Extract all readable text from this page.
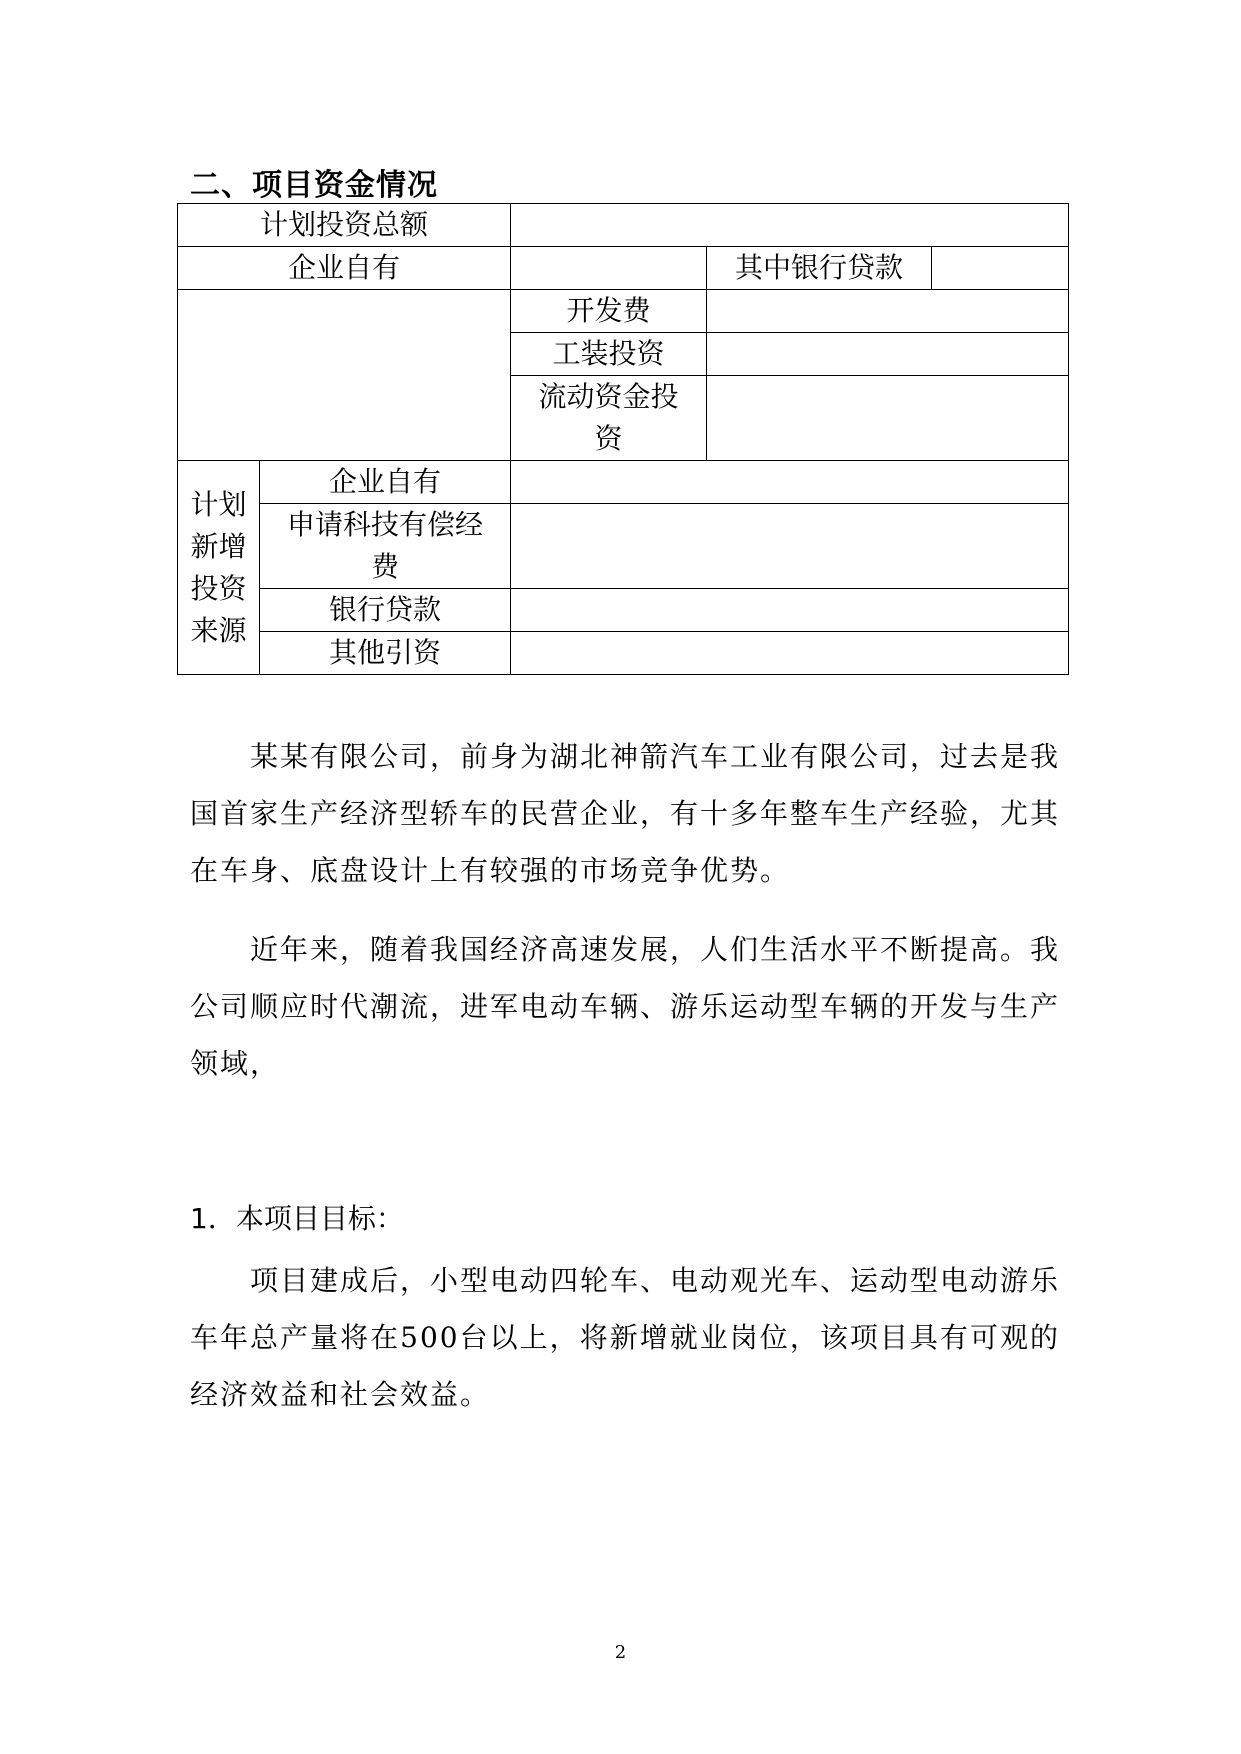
二、项目资金情况
计划投资总额				
企业自有			其中银行贷款	
		开发费		
		工装投资		
		流动资金投资		
计划新增投资来源	企业自有			
	申请科技有偿经费			
	银行贷款			
	其他引资			
某某有限公司，前身为湖北神箭汽车工业有限公司，过去是我国首家生产经济型轿车的民营企业，有十多年整车生产经验，尤其在车身、底盘设计上有较强的市场竞争优势。
近年来，随着我国经济高速发展，人们生活水平不断提高。我公司顺应时代潮流，进军电动车辆、游乐运动型车辆的开发与生产领域，
1．本项目目标：
项目建成后，小型电动四轮车、电动观光车、运动型电动游乐车年总产量将在500台以上，将新增就业岗位，该项目具有可观的经济效益和社会效益。
2
